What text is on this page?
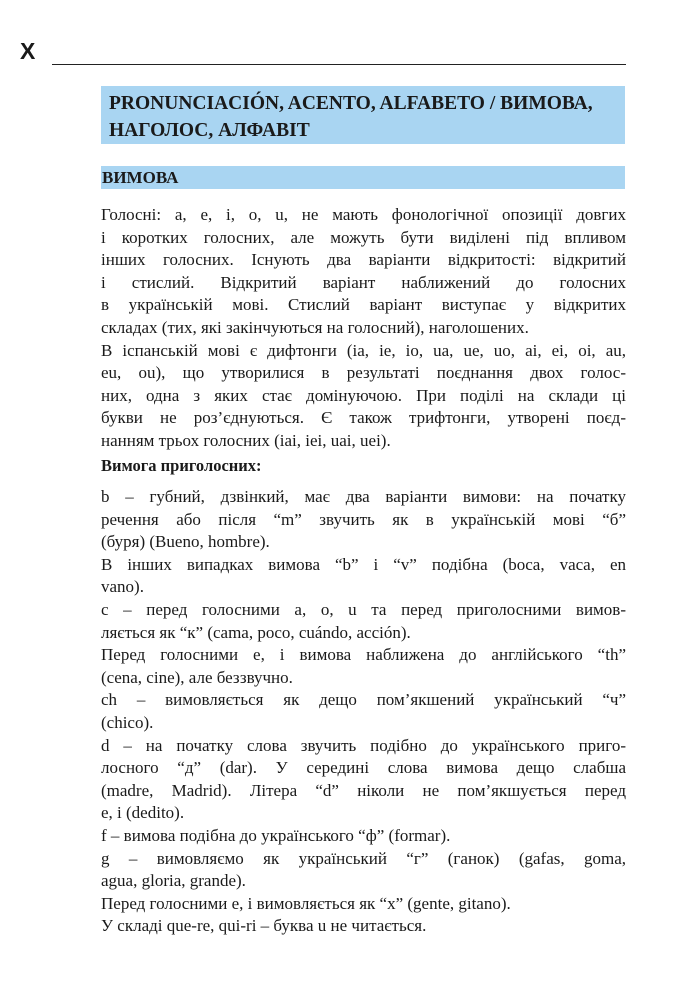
X
PRONUNCIACIÓN, ACENTO, ALFABETO / ВИМОВА,
НАГОЛОС, АЛФАВІТ
ВИМОВА
Голосні: a, e, i, o, u, не мають фонологічної опозиції довгих
і коротких голосних, але можуть бути виділені під впливом
інших голосних. Існують два варіанти відкритості: відкритий
і стислий. Відкритий варіант наближений до голосних
в українській мові. Стислий варіант виступає у відкритих
складах (тих, які закінчуються на голосний), наголошених.
В іспанській мові є дифтонги (ia, ie, io, ua, ue, uo, ai, ei, oi, au,
eu, ou), що утворилися в результаті поєднання двох голос-
них, одна з яких стає домінуючою. При поділі на склади ці
букви не роз’єднуються. Є також трифтонги, утворені поєд-
нанням трьох голосних (iai, iei, uai, uei).
Вимога приголосних:
b – губний, дзвінкий, має два варіанти вимови: на початку
речення або після “m” звучить як в українській мові “б”
(буря) (Bueno, hombre).
В інших випадках вимова “b” і “v” подібна (boca, vaca, en
vano).
c – перед голосними a, o, u та перед приголосними вимов-
ляється як “к” (cama, poco, cuándo, acción).
Перед голосними e, i вимова наближена до англійського “th”
(cena, cine), але беззвучно.
ch – вимовляється як дещо пом’якшений український “ч”
(chico).
d – на початку слова звучить подібно до українського приго-
лосного “д” (dar). У середині слова вимова дещо слабша
(madre, Madrid). Літера “d” ніколи не пом’якшується перед
e, i (dedito).
f – вимова подібна до українського “ф” (formar).
g – вимовляємо як український “г” (ганок) (gafas, goma,
agua, gloria, grande).
Перед голосними e, i вимовляється як “х” (gente, gitano).
У складі que-re, qui-ri – буква u не читається.
